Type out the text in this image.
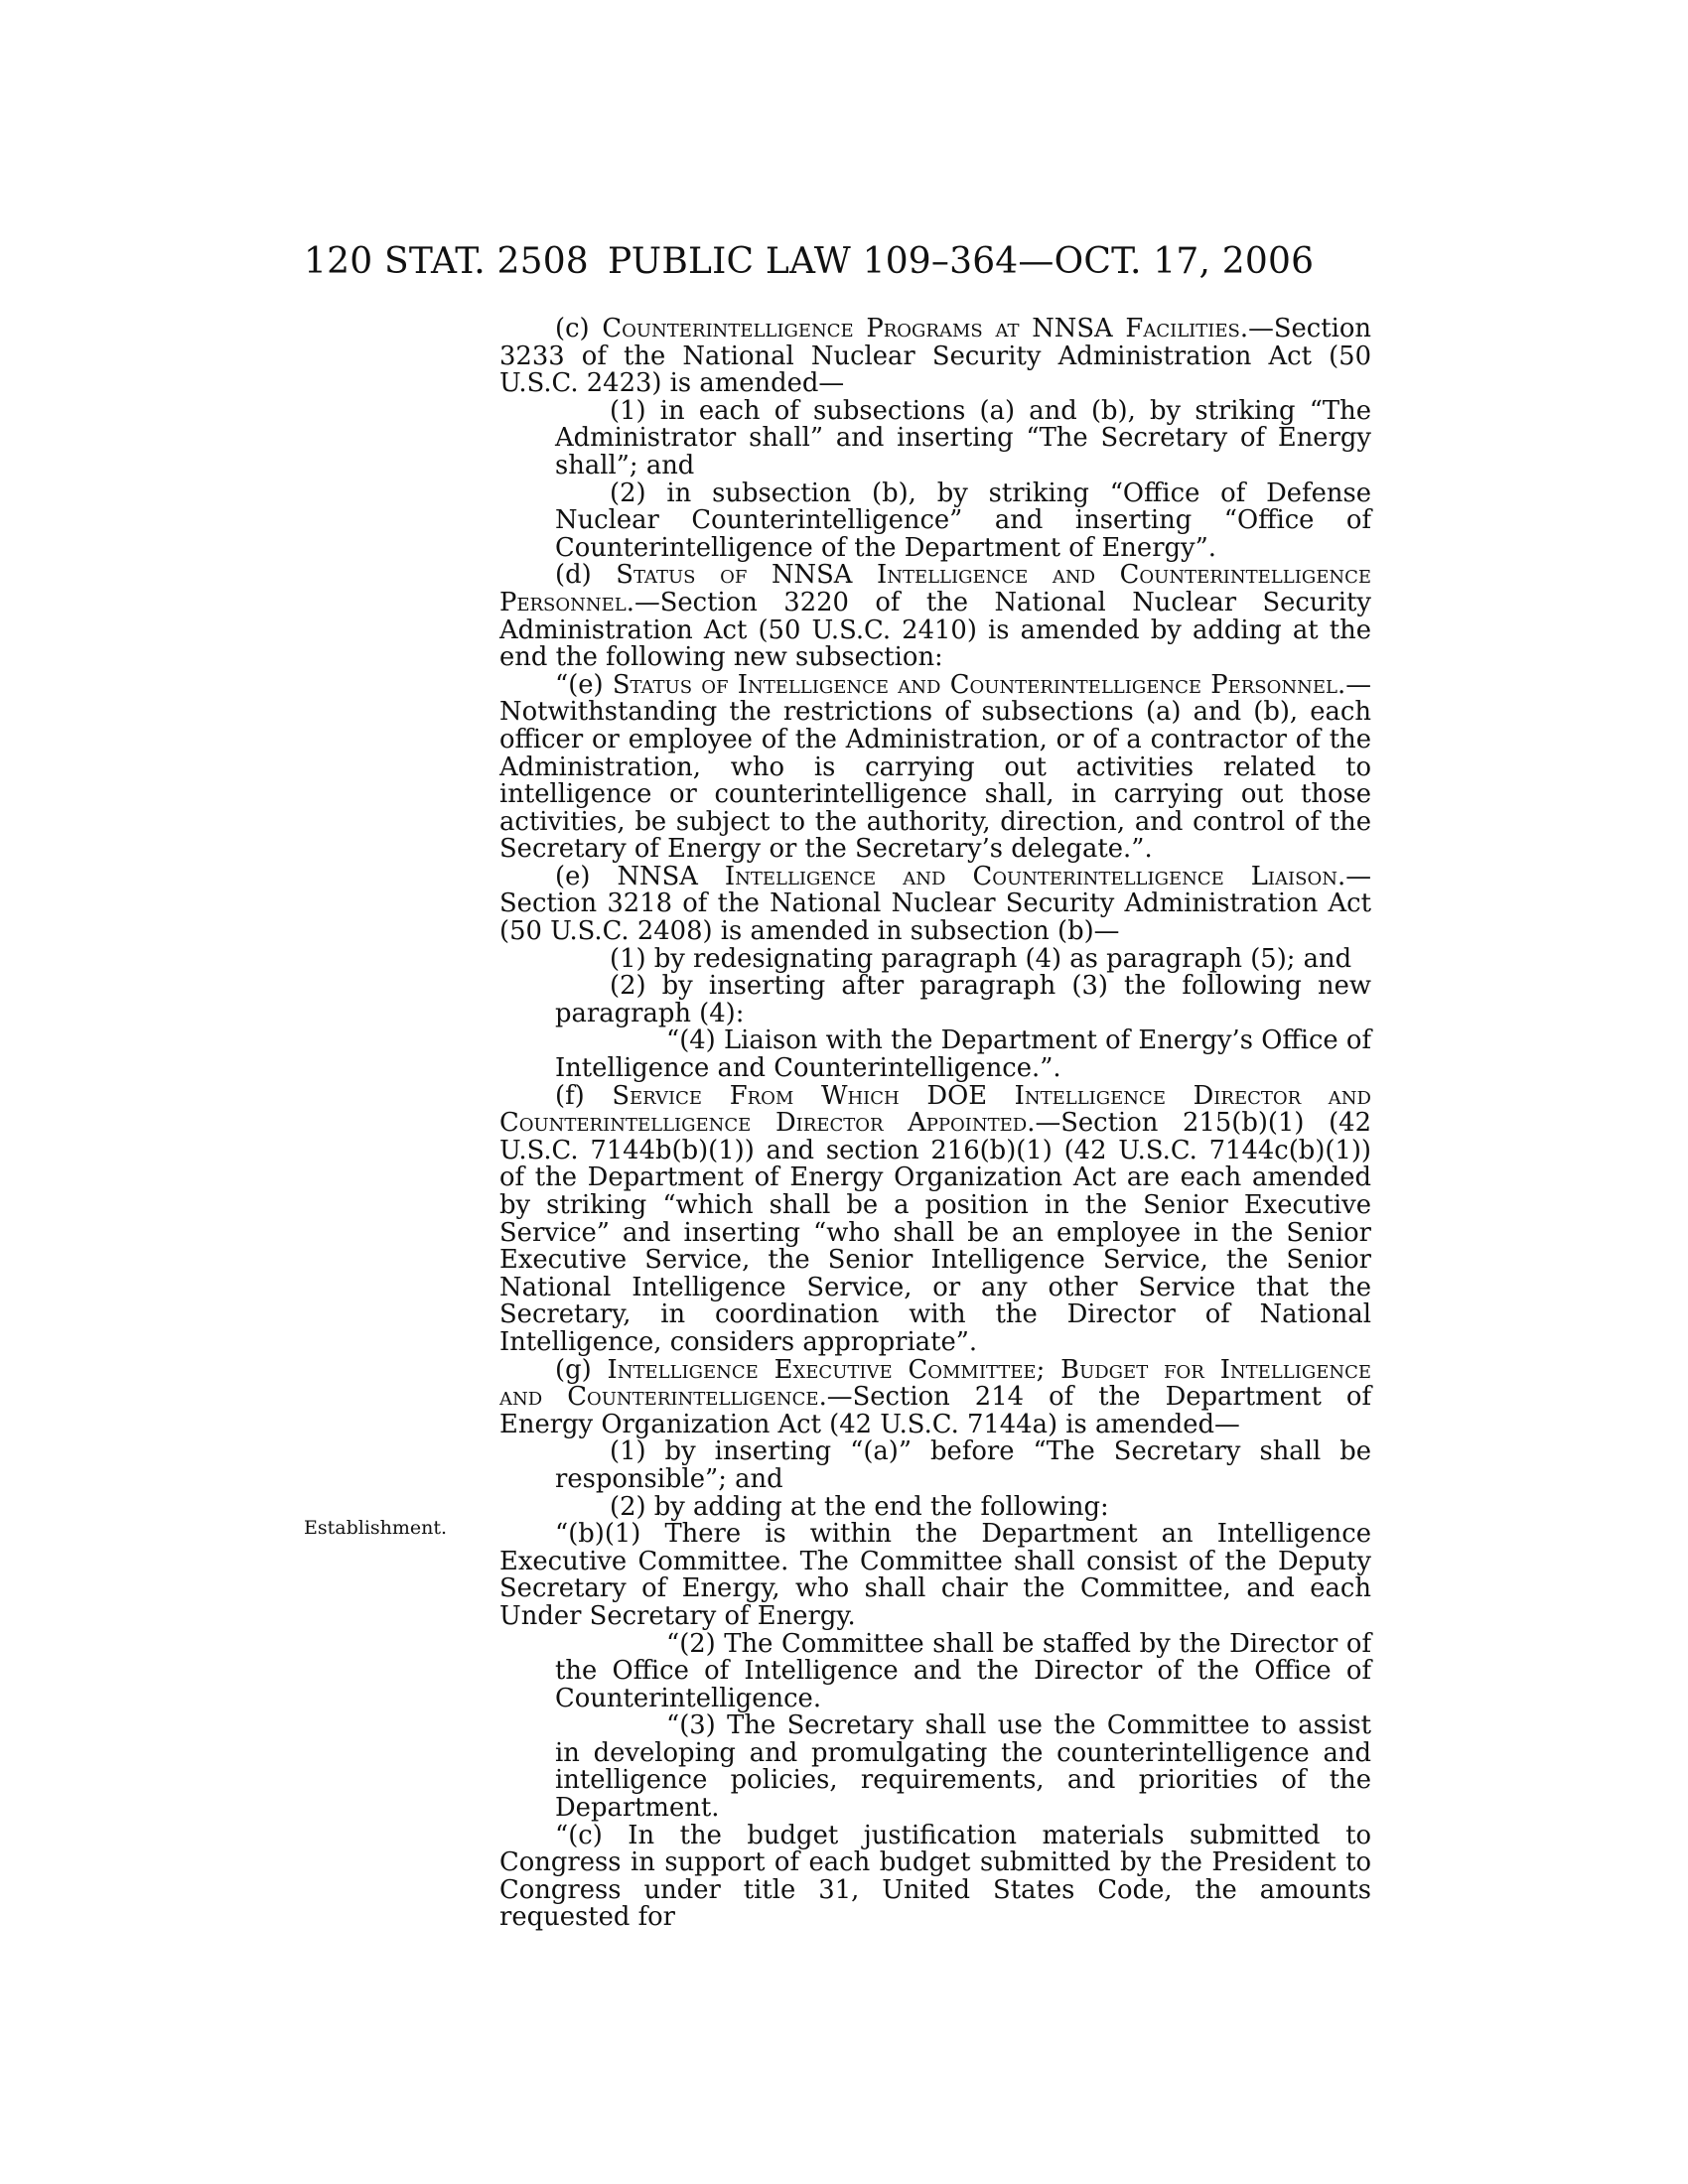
120 STAT. 2508 PUBLIC LAW 109–364—OCT. 17, 2006
Establishment.

(c) Counterintelligence Programs at NNSA Facilities.—Section 3233 of the National Nuclear Security Administration Act (50 U.S.C. 2423) is amended—

(1) in each of subsections (a) and (b), by striking “The Administrator shall” and inserting “The Secretary of Energy shall”; and

(2) in subsection (b), by striking “Office of Defense Nuclear Counterintelligence” and inserting “Office of Counterintelligence of the Department of Energy”.

(d) Status of NNSA Intelligence and Counterintelligence Personnel.—Section 3220 of the National Nuclear Security Administration Act (50 U.S.C. 2410) is amended by adding at the end the following new subsection:

“(e) Status of Intelligence and Counterintelligence Personnel.—Notwithstanding the restrictions of subsections (a) and (b), each officer or employee of the Administration, or of a contractor of the Administration, who is carrying out activities related to intelligence or counterintelligence shall, in carrying out those activities, be subject to the authority, direction, and control of the Secretary of Energy or the Secretary’s delegate.”.

(e) NNSA Intelligence and Counterintelligence Liaison.—Section 3218 of the National Nuclear Security Administration Act (50 U.S.C. 2408) is amended in subsection (b)—

(1) by redesignating paragraph (4) as paragraph (5); and

(2) by inserting after paragraph (3) the following new paragraph (4):

“(4) Liaison with the Department of Energy’s Office of Intelligence and Counterintelligence.”.

(f) Service From Which DOE Intelligence Director and Counterintelligence Director Appointed.—Section 215(b)(1) (42 U.S.C. 7144b(b)(1)) and section 216(b)(1) (42 U.S.C. 7144c(b)(1)) of the Department of Energy Organization Act are each amended by striking “which shall be a position in the Senior Executive Service” and inserting “who shall be an employee in the Senior Executive Service, the Senior Intelligence Service, the Senior National Intelligence Service, or any other Service that the Secretary, in coordination with the Director of National Intelligence, considers appropriate”.

(g) Intelligence Executive Committee; Budget for Intelligence and Counterintelligence.—Section 214 of the Department of Energy Organization Act (42 U.S.C. 7144a) is amended—

(1) by inserting “(a)” before “The Secretary shall be responsible”; and

(2) by adding at the end the following:

“(b)(1) There is within the Department an Intelligence Executive Committee. The Committee shall consist of the Deputy Secretary of Energy, who shall chair the Committee, and each Under Secretary of Energy.

“(2) The Committee shall be staffed by the Director of the Office of Intelligence and the Director of the Office of Counterintelligence.

“(3) The Secretary shall use the Committee to assist in developing and promulgating the counterintelligence and intelligence policies, requirements, and priorities of the Department.

“(c) In the budget justification materials submitted to Congress in support of each budget submitted by the President to Congress under title 31, United States Code, the amounts requested for
